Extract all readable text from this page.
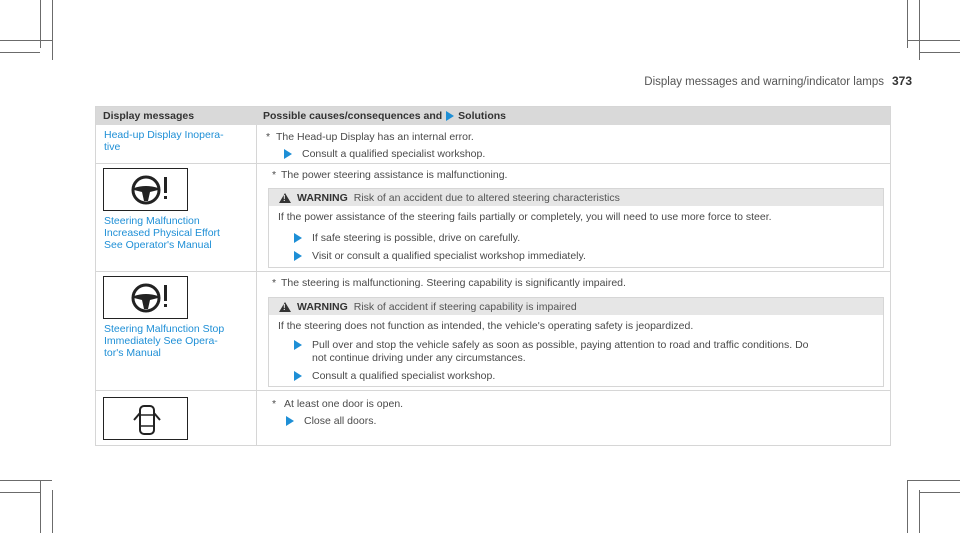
Display messages and warning/indicator lamps 373
Display messages	Possible causes/consequences and Solutions
Head-up Display Inopera-
tive
* The Head-up Display has an internal error.
Consult a qualified specialist workshop.
Steering Malfunction
Increased Physical Effort
See Operator's Manual
* The power steering assistance is malfunctioning.
!
WARNING Risk of an accident due to altered steering characteristics
If the power assistance of the steering fails partially or completely, you will need to use more force to steer.
If safe steering is possible, drive on carefully.
Visit or consult a qualified specialist workshop immediately.
Steering Malfunction Stop
Immediately See Opera-
tor's Manual
* The steering is malfunctioning. Steering capability is significantly impaired.
!
WARNING Risk of accident if steering capability is impaired
If the steering does not function as intended, the vehicle's operating safety is jeopardized.
Pull over and stop the vehicle safely as soon as possible, paying attention to road and traffic conditions. Do
not continue driving under any circumstances.
Consult a qualified specialist workshop.
* At least one door is open.
Close all doors.
